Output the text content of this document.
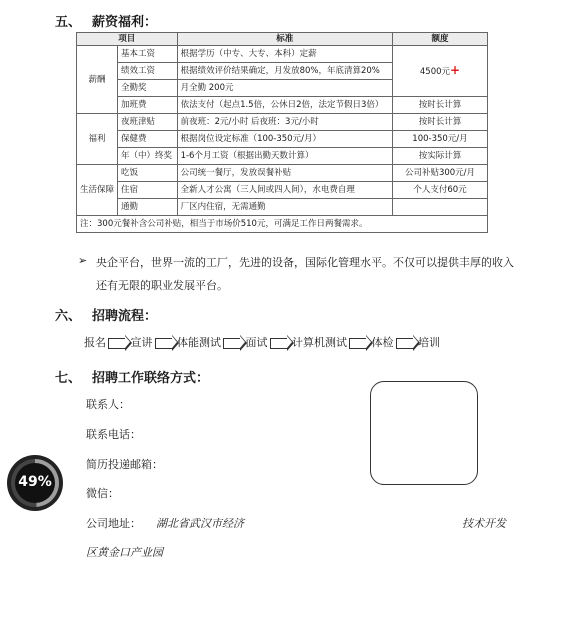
五、 薪资福利：
项目		标准	额度
薪酬	基本工资	根据学历（中专、大专、本科）定薪	4500元+
	绩效工资	根据绩效评价结果确定，月发放80%，年底清算20%	
	全勤奖	月全勤 200元	
	加班费	依法支付（起点1.5倍，公休日2倍，法定节假日3倍）	按时长计算
福利	夜班津贴	前夜班：2元/小时 后夜班：3元/小时	按时长计算
	保健费	根据岗位设定标准（100-350元/月）	100-350元/月
	年（中）终奖	1-6个月工资（根据出勤天数计算）	按实际计算
生活保障	吃饭	公司统一餐厅，发放误餐补贴	公司补贴300元/月
	住宿	全新人才公寓（三人间或四人间），水电费自理	个人支付60元
	通勤	厂区内住宿，无需通勤	
注：300元餐补含公司补贴，相当于市场价510元，可满足工作日两餐需求。			
➢ 央企平台，世界一流的工厂，先进的设备，国际化管理水平。不仅可以提供丰厚的收入
还有无限的职业发展平台。
六、 招聘流程：
报名 宣讲 体能测试 面试 计算机测试 体检 培训
七、 招聘工作联络方式：
联系人：
联系电话：
简历投递邮箱：
微信：
公司地址： 湖北省武汉市经济	技术开发
区黄金口产业园
49%
